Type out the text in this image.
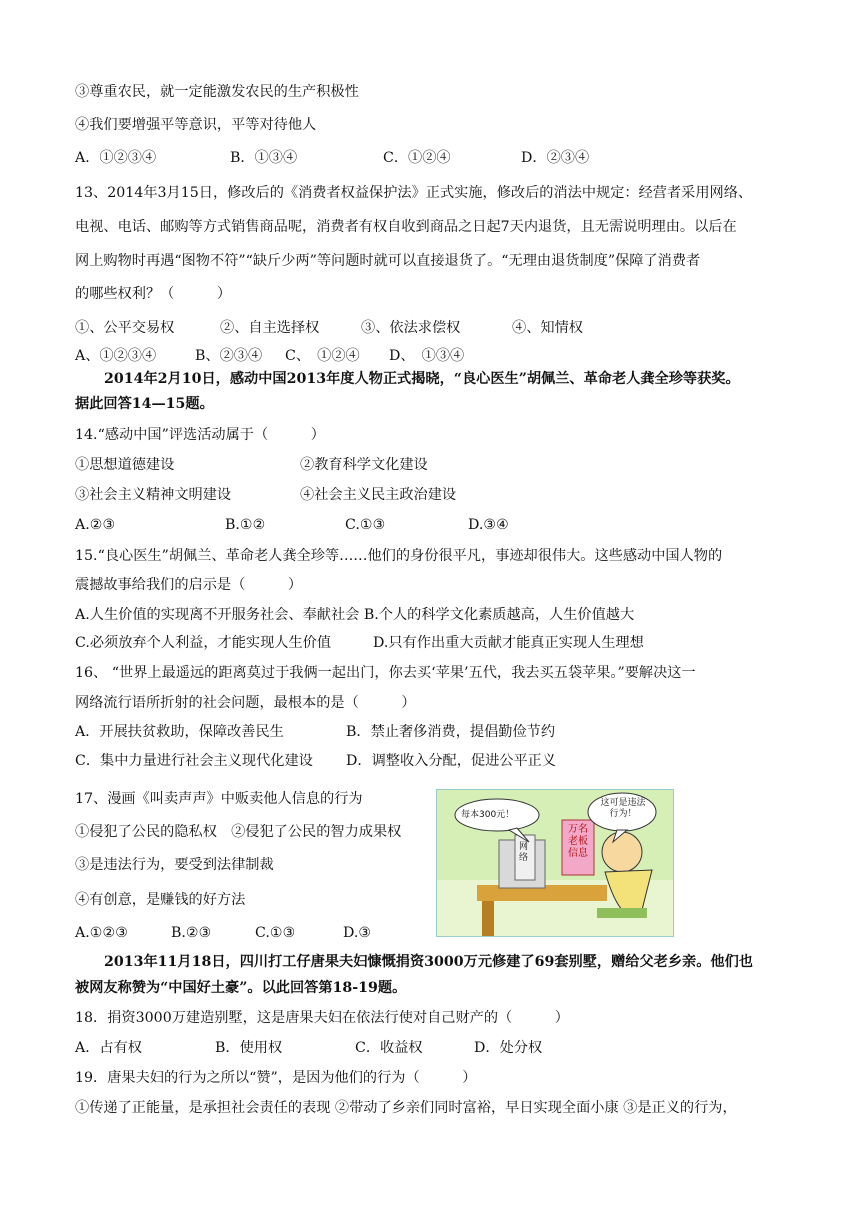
③尊重农民，就一定能激发农民的生产积极性
④我们要增强平等意识，平等对待他人
A．①②③④	B．①③④	C．①②④	D．②③④
13、2014年3月15日，修改后的《消费者权益保护法》正式实施，修改后的消法中规定：经营者采用网络、
电视、电话、邮购等方式销售商品呢，消费者有权自收到商品之日起7天内退货，且无需说明理由。以后在
网上购物时再遇“图物不符”“缺斤少两”等问题时就可以直接退货了。“无理由退货制度”保障了消费者
的哪些权利？（　　　）
①、公平交易权	②、自主选择权	③、依法求偿权	④、知情权
A、①②③④	B、②③④ C、　①②④ D、　①③④
2014年2月10日，感动中国2013年度人物正式揭晓，“良心医生”胡佩兰、革命老人龚全珍等获奖。
据此回答14—15题。
14.“感动中国”评选活动属于（　　　）
①思想道德建设	②教育科学文化建设
③社会主义精神文明建设	④社会主义民主政治建设
A.②③	B.①②	C.①③	D.③④
15.“良心医生”胡佩兰、革命老人龚全珍等……他们的身份很平凡，事迹却很伟大。这些感动中国人物的
震撼故事给我们的启示是（　　　）
A.人生价值的实现离不开服务社会、奉献社会 B.个人的科学文化素质越高，人生价值越大
C.必须放弃个人利益，才能实现人生价值	D.只有作出重大贡献才能真正实现人生理想
16、 “世界上最遥远的距离莫过于我俩一起出门，你去买‘苹果’五代，我去买五袋苹果。”要解决这一
网络流行语所折射的社会问题，最根本的是（　　　）
A．开展扶贫救助，保障改善民生	B．禁止奢侈消费，提倡勤俭节约
C．集中力量进行社会主义现代化建设 D．调整收入分配，促进公平正义
17、漫画《叫卖声声》中贩卖他人信息的行为
①侵犯了公民的隐私权　②侵犯了公民的智力成果权
③是违法行为，要受到法律制裁
④有创意，是赚钱的好方法
A.①②③	B.②③	C.①③	D.③
每本300元！
这可是违法行为！
万名老板信息
网络
2013年11月18日，四川打工仔唐果夫妇慷慨捐资3000万元修建了69套别墅，赠给父老乡亲。他们也
被网友称赞为“中国好土豪”。以此回答第18-19题。
18．捐资3000万建造别墅，这是唐果夫妇在依法行使对自己财产的（　　　）
A．占有权	B．使用权	C．收益权	D．处分权
19．唐果夫妇的行为之所以“赞”，是因为他们的行为（　　　）
①传递了正能量，是承担社会责任的表现 ②带动了乡亲们同时富裕，早日实现全面小康 ③是正义的行为，
